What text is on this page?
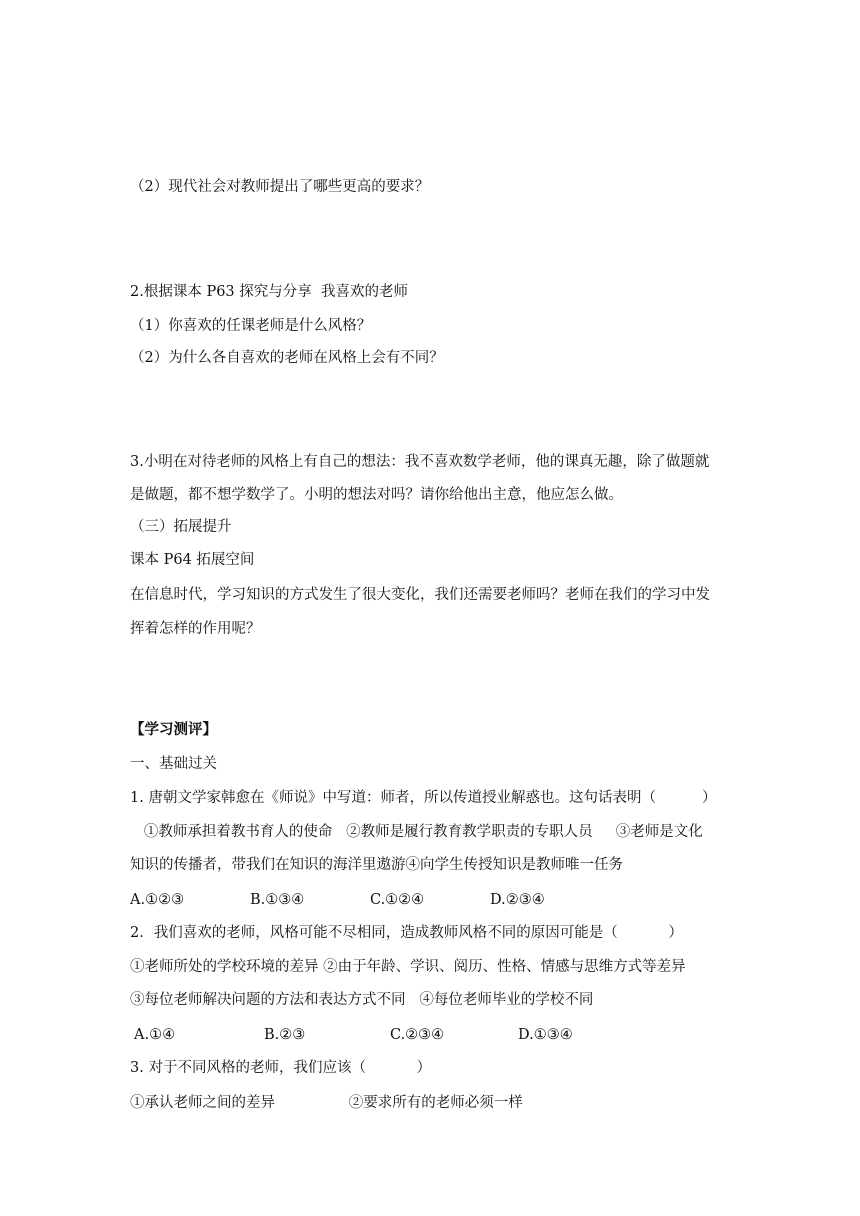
（2）现代社会对教师提出了哪些更高的要求？
2.根据课本 P63 探究与分享  我喜欢的老师
（1）你喜欢的任课老师是什么风格？
（2）为什么各自喜欢的老师在风格上会有不同？
3.小明在对待老师的风格上有自己的想法：我不喜欢数学老师，他的课真无趣，除了做题就
是做题，都不想学数学了。小明的想法对吗？请你给他出主意，他应怎么做。
（三）拓展提升
课本 P64 拓展空间
在信息时代，学习知识的方式发生了很大变化，我们还需要老师吗？老师在我们的学习中发
挥着怎样的作用呢？
【学习测评】
一、基础过关
1. 唐朝文学家韩愈在《师说》中写道：师者，所以传道授业解惑也。这句话表明（          ）
①教师承担着教书育人的使命   ②教师是履行教育教学职责的专职人员     ③老师是文化
知识的传播者，带我们在知识的海洋里遨游④向学生传授知识是教师唯一任务
A.①②③	B.①③④	C.①②④	D.②③④
2．我们喜欢的老师，风格可能不尽相同，造成教师风格不同的原因可能是（           ）
①老师所处的学校环境的差异 ②由于年龄、学识、阅历、性格、情感与思维方式等差异
③每位老师解决问题的方法和表达方式不同   ④每位老师毕业的学校不同
A.①④	B.②③	C.②③④	D.①③④
3. 对于不同风格的老师，我们应该（           ）
①承认老师之间的差异                ②要求所有的老师必须一样
